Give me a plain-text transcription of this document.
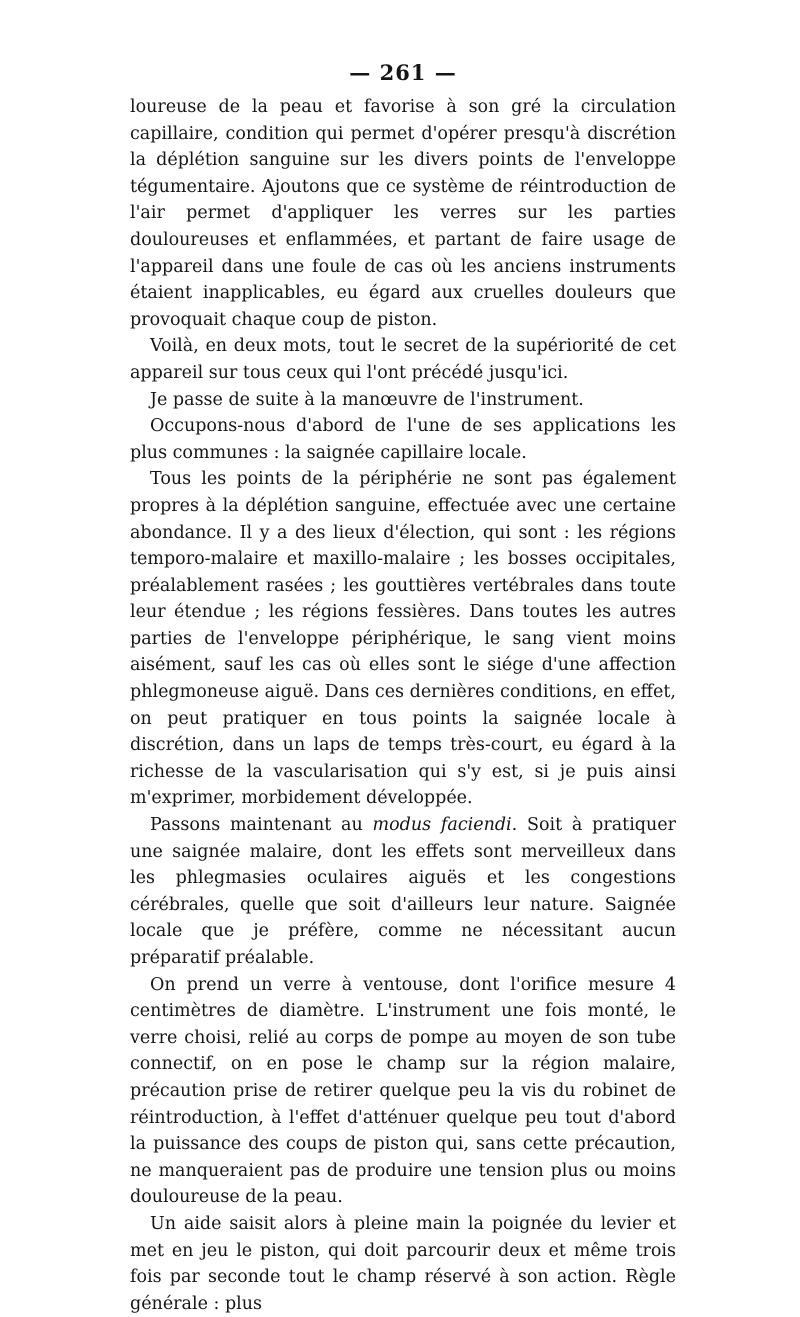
— 261 —

loureuse de la peau et favorise à son gré la circulation capillaire, condition qui permet d'opérer presqu'à discrétion la déplétion sanguine sur les divers points de l'enveloppe tégumentaire. Ajoutons que ce système de réintroduction de l'air permet d'appliquer les verres sur les parties douloureuses et enflammées, et partant de faire usage de l'appareil dans une foule de cas où les anciens instruments étaient inapplicables, eu égard aux cruelles douleurs que provoquait chaque coup de piston.

Voilà, en deux mots, tout le secret de la supériorité de cet appareil sur tous ceux qui l'ont précédé jusqu'ici.

Je passe de suite à la manœuvre de l'instrument.

Occupons-nous d'abord de l'une de ses applications les plus communes : la saignée capillaire locale.

Tous les points de la périphérie ne sont pas également propres à la déplétion sanguine, effectuée avec une certaine abondance. Il y a des lieux d'élection, qui sont : les régions temporo-malaire et maxillo-malaire ; les bosses occipitales, préalablement rasées ; les gouttières vertébrales dans toute leur étendue ; les régions fessières. Dans toutes les autres parties de l'enveloppe périphérique, le sang vient moins aisément, sauf les cas où elles sont le siége d'une affection phlegmoneuse aiguë. Dans ces dernières conditions, en effet, on peut pratiquer en tous points la saignée locale à discrétion, dans un laps de temps très-court, eu égard à la richesse de la vascularisation qui s'y est, si je puis ainsi m'exprimer, morbidement développée.

Passons maintenant au modus faciendi. Soit à pratiquer une saignée malaire, dont les effets sont merveilleux dans les phlegmasies oculaires aiguës et les congestions cérébrales, quelle que soit d'ailleurs leur nature. Saignée locale que je préfère, comme ne nécessitant aucun préparatif préalable.

On prend un verre à ventouse, dont l'orifice mesure 4 centimètres de diamètre. L'instrument une fois monté, le verre choisi, relié au corps de pompe au moyen de son tube connectif, on en pose le champ sur la région malaire, précaution prise de retirer quelque peu la vis du robinet de réintroduction, à l'effet d'atténuer quelque peu tout d'abord la puissance des coups de piston qui, sans cette précaution, ne manqueraient pas de produire une tension plus ou moins douloureuse de la peau.

Un aide saisit alors à pleine main la poignée du levier et met en jeu le piston, qui doit parcourir deux et même trois fois par seconde tout le champ réservé à son action. Règle générale : plus
